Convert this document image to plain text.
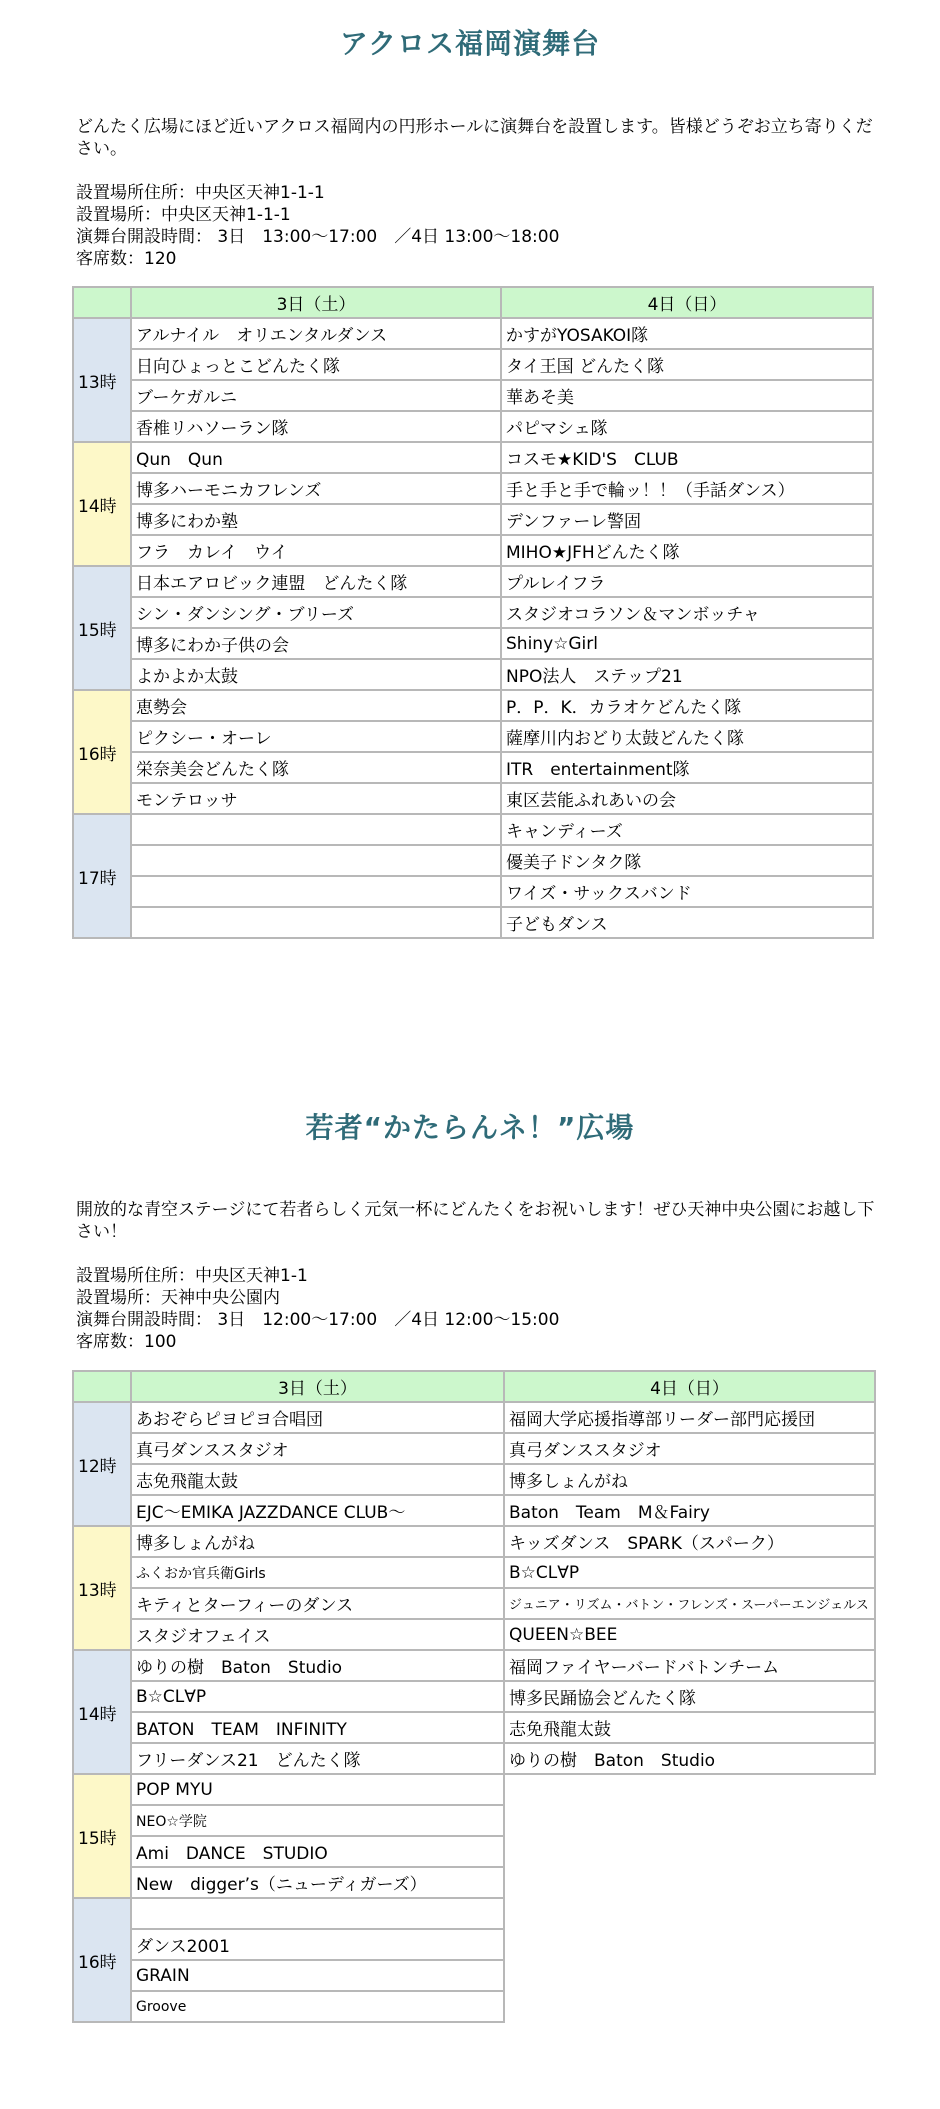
アクロス福岡演舞台

どんたく広場にほど近いアクロス福岡内の円形ホールに演舞台を設置します。皆様どうぞお立ち寄りください。

設置場所住所：中央区天神1-1-1
設置場所：中央区天神1-1-1
演舞台開設時間： 3日　13:00～17:00　／4日 13:00～18:00
客席数：120
	3日（土）	4日（日）
13時	アルナイル　オリエンタルダンス	かすがYOSAKOI隊
	日向ひょっとこどんたく隊	タイ王国 どんたく隊
	ブーケガルニ	華あそ美
	香椎リハソーラン隊	パピマシェ隊
14時	Qun　Qun	コスモ★KID'S　CLUB
	博多ハーモニカフレンズ	手と手と手で輪ッ！！（手話ダンス）
	博多にわか塾	デンファーレ警固
	フラ　カレイ　ウイ	MIHO★JFHどんたく隊
15時	日本エアロビック連盟　どんたく隊	プルレイフラ
	シン・ダンシング・ブリーズ	スタジオコラソン＆マンボッチャ
	博多にわか子供の会	Shiny☆Girl
	よかよか太鼓	NPO法人　ステップ21
16時	恵勢会	P．P．K．カラオケどんたく隊
	ピクシー・オーレ	薩摩川内おどり太鼓どんたく隊
	栄奈美会どんたく隊	ITR　entertainment隊
	モンテロッサ	東区芸能ふれあいの会
17時		キャンディーズ
		優美子ドンタク隊
		ワイズ・サックスバンド
		子どもダンス
若者“かたらんネ！”広場

開放的な青空ステージにて若者らしく元気一杯にどんたくをお祝いします！ぜひ天神中央公園にお越し下さい！

設置場所住所：中央区天神1-1
設置場所：天神中央公園内
演舞台開設時間： 3日　12:00～17:00　／4日 12:00～15:00
客席数：100
	3日（土）	4日（日）
12時	あおぞらピヨピヨ合唱団	福岡大学応援指導部リーダー部門応援団
	真弓ダンススタジオ	真弓ダンススタジオ
	志免飛龍太鼓	博多しょんがね
	EJC～EMIKA JAZZDANCE CLUB～	Baton　Team　M＆Fairy
13時	博多しょんがね	キッズダンス　SPARK（スパーク）
	ふくおか官兵衛Girls	B☆CL∀P
	キティとターフィーのダンス	ジュニア・リズム・バトン・フレンズ・スーパーエンジェルス
	スタジオフェイス	QUEEN☆BEE
14時	ゆりの樹　Baton　Studio	福岡ファイヤーバードバトンチーム
	B☆CL∀P	博多民踊協会どんたく隊
	BATON　TEAM　INFINITY	志免飛龍太鼓
	フリーダンス21　どんたく隊	ゆりの樹　Baton　Studio
15時	POP MYU	
	NEO☆学院	
	Ami　DANCE　STUDIO	
	New　digger’s（ニューディガーズ）	
16時		
	ダンス2001	
	GRAIN	
	Groove	
